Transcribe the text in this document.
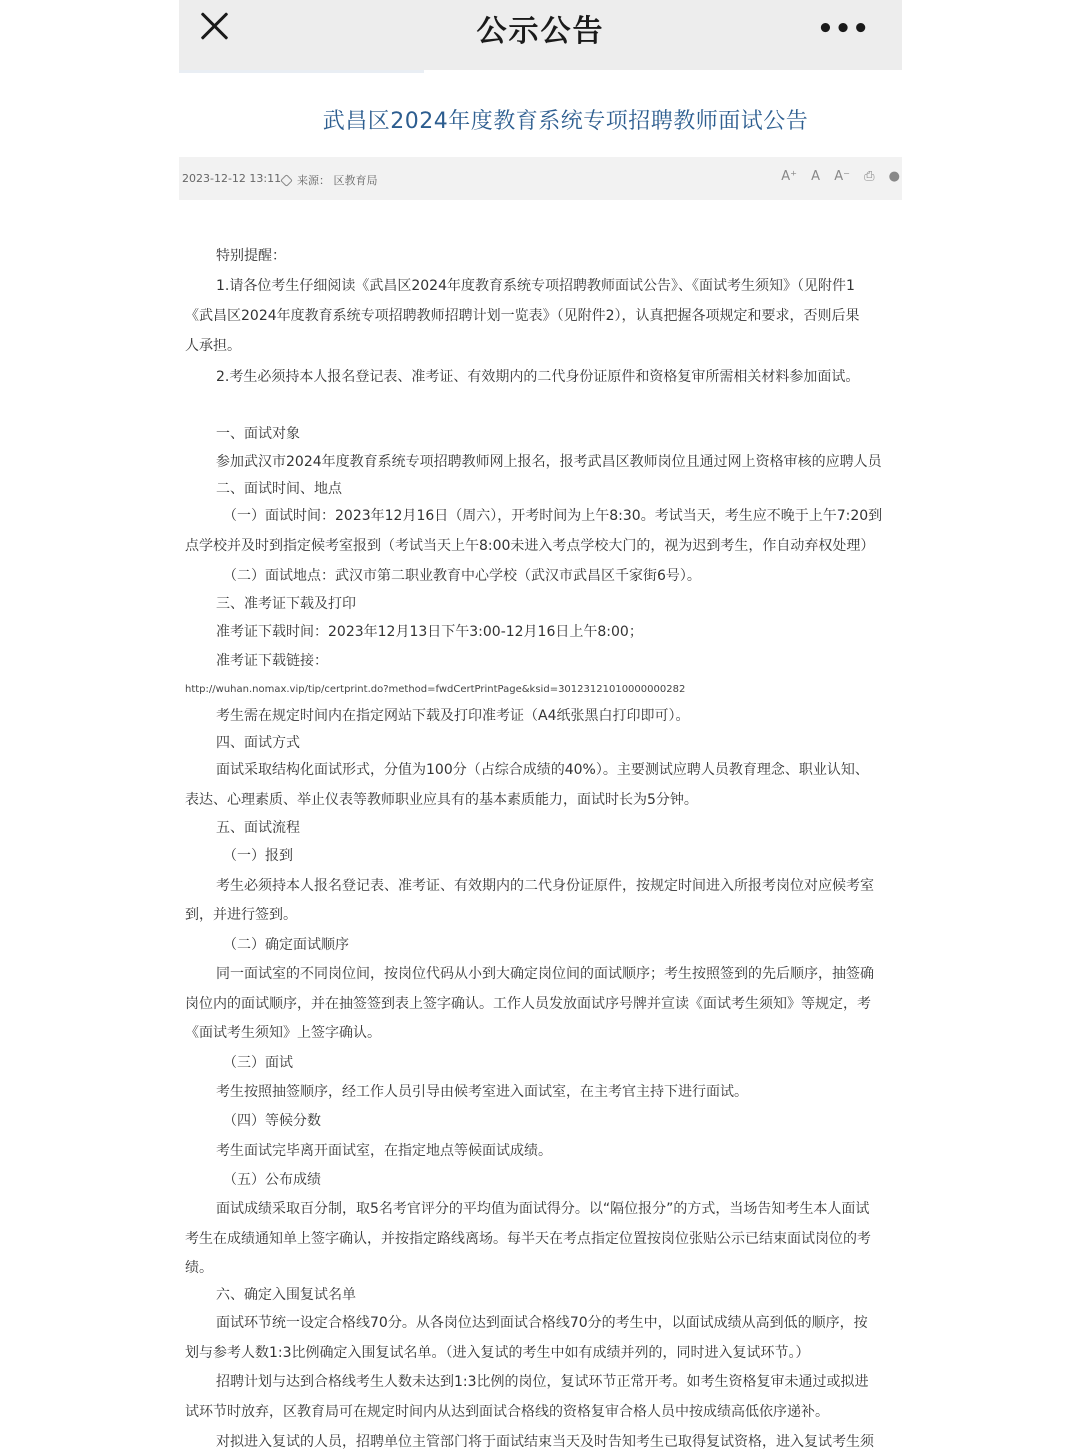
公示公告	•••
武昌区2024年度教育系统专项招聘教师面试公告
2023-12-12 13:11	来源： 区教育局	A⁺ A A⁻ ⎙ ●
特别提醒：
1.请各位考生仔细阅读《武昌区2024年度教育系统专项招聘教师面试公告》、《面试考生须知》（见附件1
《武昌区2024年度教育系统专项招聘教师招聘计划一览表》（见附件2），认真把握各项规定和要求，否则后果
人承担。
2.考生必须持本人报名登记表、准考证、有效期内的二代身份证原件和资格复审所需相关材料参加面试。
一、面试对象
参加武汉市2024年度教育系统专项招聘教师网上报名，报考武昌区教师岗位且通过网上资格审核的应聘人员
二、面试时间、地点
（一）面试时间：2023年12月16日（周六），开考时间为上午8:30。考试当天，考生应不晚于上午7:20到
点学校并及时到指定候考室报到（考试当天上午8:00未进入考点学校大门的，视为迟到考生，作自动弃权处理）
（二）面试地点：武汉市第二职业教育中心学校（武汉市武昌区千家街6号）。
三、准考证下载及打印
准考证下载时间：2023年12月13日下午3:00-12月16日上午8:00；
准考证下载链接：
http://wuhan.nomax.vip/tip/certprint.do?method=fwdCertPrintPage&ksid=30123121010000000282
考生需在规定时间内在指定网站下载及打印准考证（A4纸张黑白打印即可）。
四、面试方式
面试采取结构化面试形式，分值为100分（占综合成绩的40%）。主要测试应聘人员教育理念、职业认知、
表达、心理素质、举止仪表等教师职业应具有的基本素质能力，面试时长为5分钟。
五、面试流程
（一）报到
考生必须持本人报名登记表、准考证、有效期内的二代身份证原件，按规定时间进入所报考岗位对应候考室
到，并进行签到。
（二）确定面试顺序
同一面试室的不同岗位间，按岗位代码从小到大确定岗位间的面试顺序；考生按照签到的先后顺序，抽签确
岗位内的面试顺序，并在抽签签到表上签字确认。工作人员发放面试序号牌并宣读《面试考生须知》等规定，考
《面试考生须知》上签字确认。
（三）面试
考生按照抽签顺序，经工作人员引导由候考室进入面试室，在主考官主持下进行面试。
（四）等候分数
考生面试完毕离开面试室，在指定地点等候面试成绩。
（五）公布成绩
面试成绩采取百分制，取5名考官评分的平均值为面试得分。以“隔位报分”的方式，当场告知考生本人面试
考生在成绩通知单上签字确认，并按指定路线离场。每半天在考点指定位置按岗位张贴公示已结束面试岗位的考
绩。
六、确定入围复试名单
面试环节统一设定合格线70分。从各岗位达到面试合格线70分的考生中，以面试成绩从高到低的顺序，按
划与参考人数1:3比例确定入围复试名单。（进入复试的考生中如有成绩并列的，同时进入复试环节。）
招聘计划与达到合格线考生人数未达到1:3比例的岗位，复试环节正常开考。如考生资格复审未通过或拟进
试环节时放弃，区教育局可在规定时间内从达到面试合格线的资格复审合格人员中按成绩高低依序递补。
对拟进入复试的人员，招聘单位主管部门将于面试结束当天及时告知考生已取得复试资格，进入复试考生须
